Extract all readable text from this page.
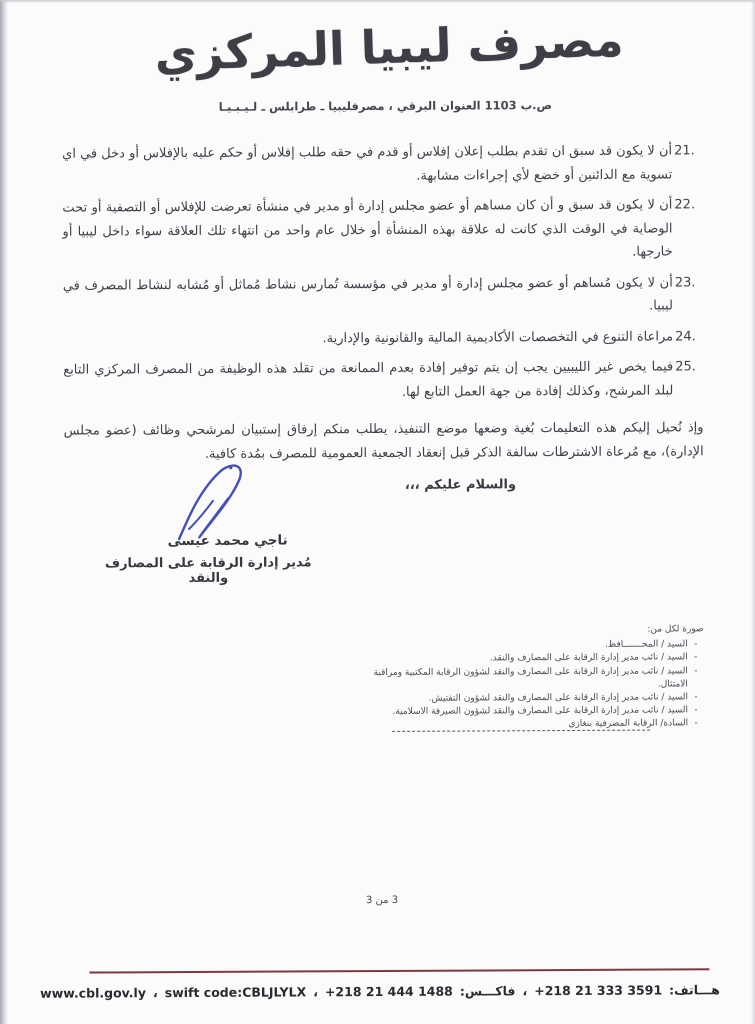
مصرف ليبيا المركزي
ص.ب 1103 العنوان البرقي ، مصرفليبيا ـ طرابلس ـ لـيـبـيـا
21.
أن لا يكون قد سبق ان تقدم بطلب إعلان إفلاس أو قدم في حقه طلب إفلاس أو حكم عليه بالإفلاس أو دخل في اي تسوية مع الدائنين أو خضع لأي إجراءات مشابهة.
22.
أن لا يكون قد سبق و أن كان مساهم أو عضو مجلس إدارة أو مدير في منشأة تعرضت للإفلاس أو التصفية أو تحت الوصاية في الوقت الذي كانت له علاقة بهذه المنشأة أو خلال عام واحد من انتهاء تلك العلاقة سواء داخل ليبيا أو خارجها.
23.
أن لا يكون مُساهم أو عضو مجلس إدارة أو مدير في مؤسسة تُمارس نشاط مُماثل أو مُشابه لنشاط المصرف في ليبيا.
24.
مراعاة التنوع في التخصصات الأكاديمية المالية والقانونية والإدارية.
25.
فيما يخص غير الليبيين يجب إن يتم توفير إفادة بعدم الممانعة من تقلد هذه الوظيفة من المصرف المركزي التابع لبلد المرشح، وكذلك إفادة من جهة العمل التابع لها.
وإذ نُحيل إليكم هذه التعليمات بُغية وضعها موضع التنفيذ، يطلب منكم إرفاق إستبيان لمرشحي وظائف (عضو مجلس الإدارة)، مع مُرعاة الاشترطات سالفة الذكر قبل إنعقاد الجمعية العمومية للمصرف بمُدة كافية.
والسلام عليكم ،،،
ناجي محمد عيسى
مُدير إدارة الرقابة على المصارف والنقد
صورة لكل من:
-
السيد / المحـــــــافظ.
-
السيد / نائب مدير إدارة الرقابة على المصارف والنقد.
-
السيد / نائب مدير إدارة الرقابة على المصارف والنقد لشؤون الرقابة المكتبية ومراقبة الامتثال.
-
السيد / نائب مدير إدارة الرقابة على المصارف والنقد لشؤون التفتيش.
-
السيد / نائب مدير إدارة الرقابة على المصارف والنقد لشؤون الصيرفة الاسلامية.
-
السادة/ الرقابة المصرفية بنغازي
3 من 3
هـــاتف:
+218 21 333 3591
،
فاكـــس:
+218 21 444 1488
،
swift code:CBLJLYLX
،
www.cbl.gov.ly
